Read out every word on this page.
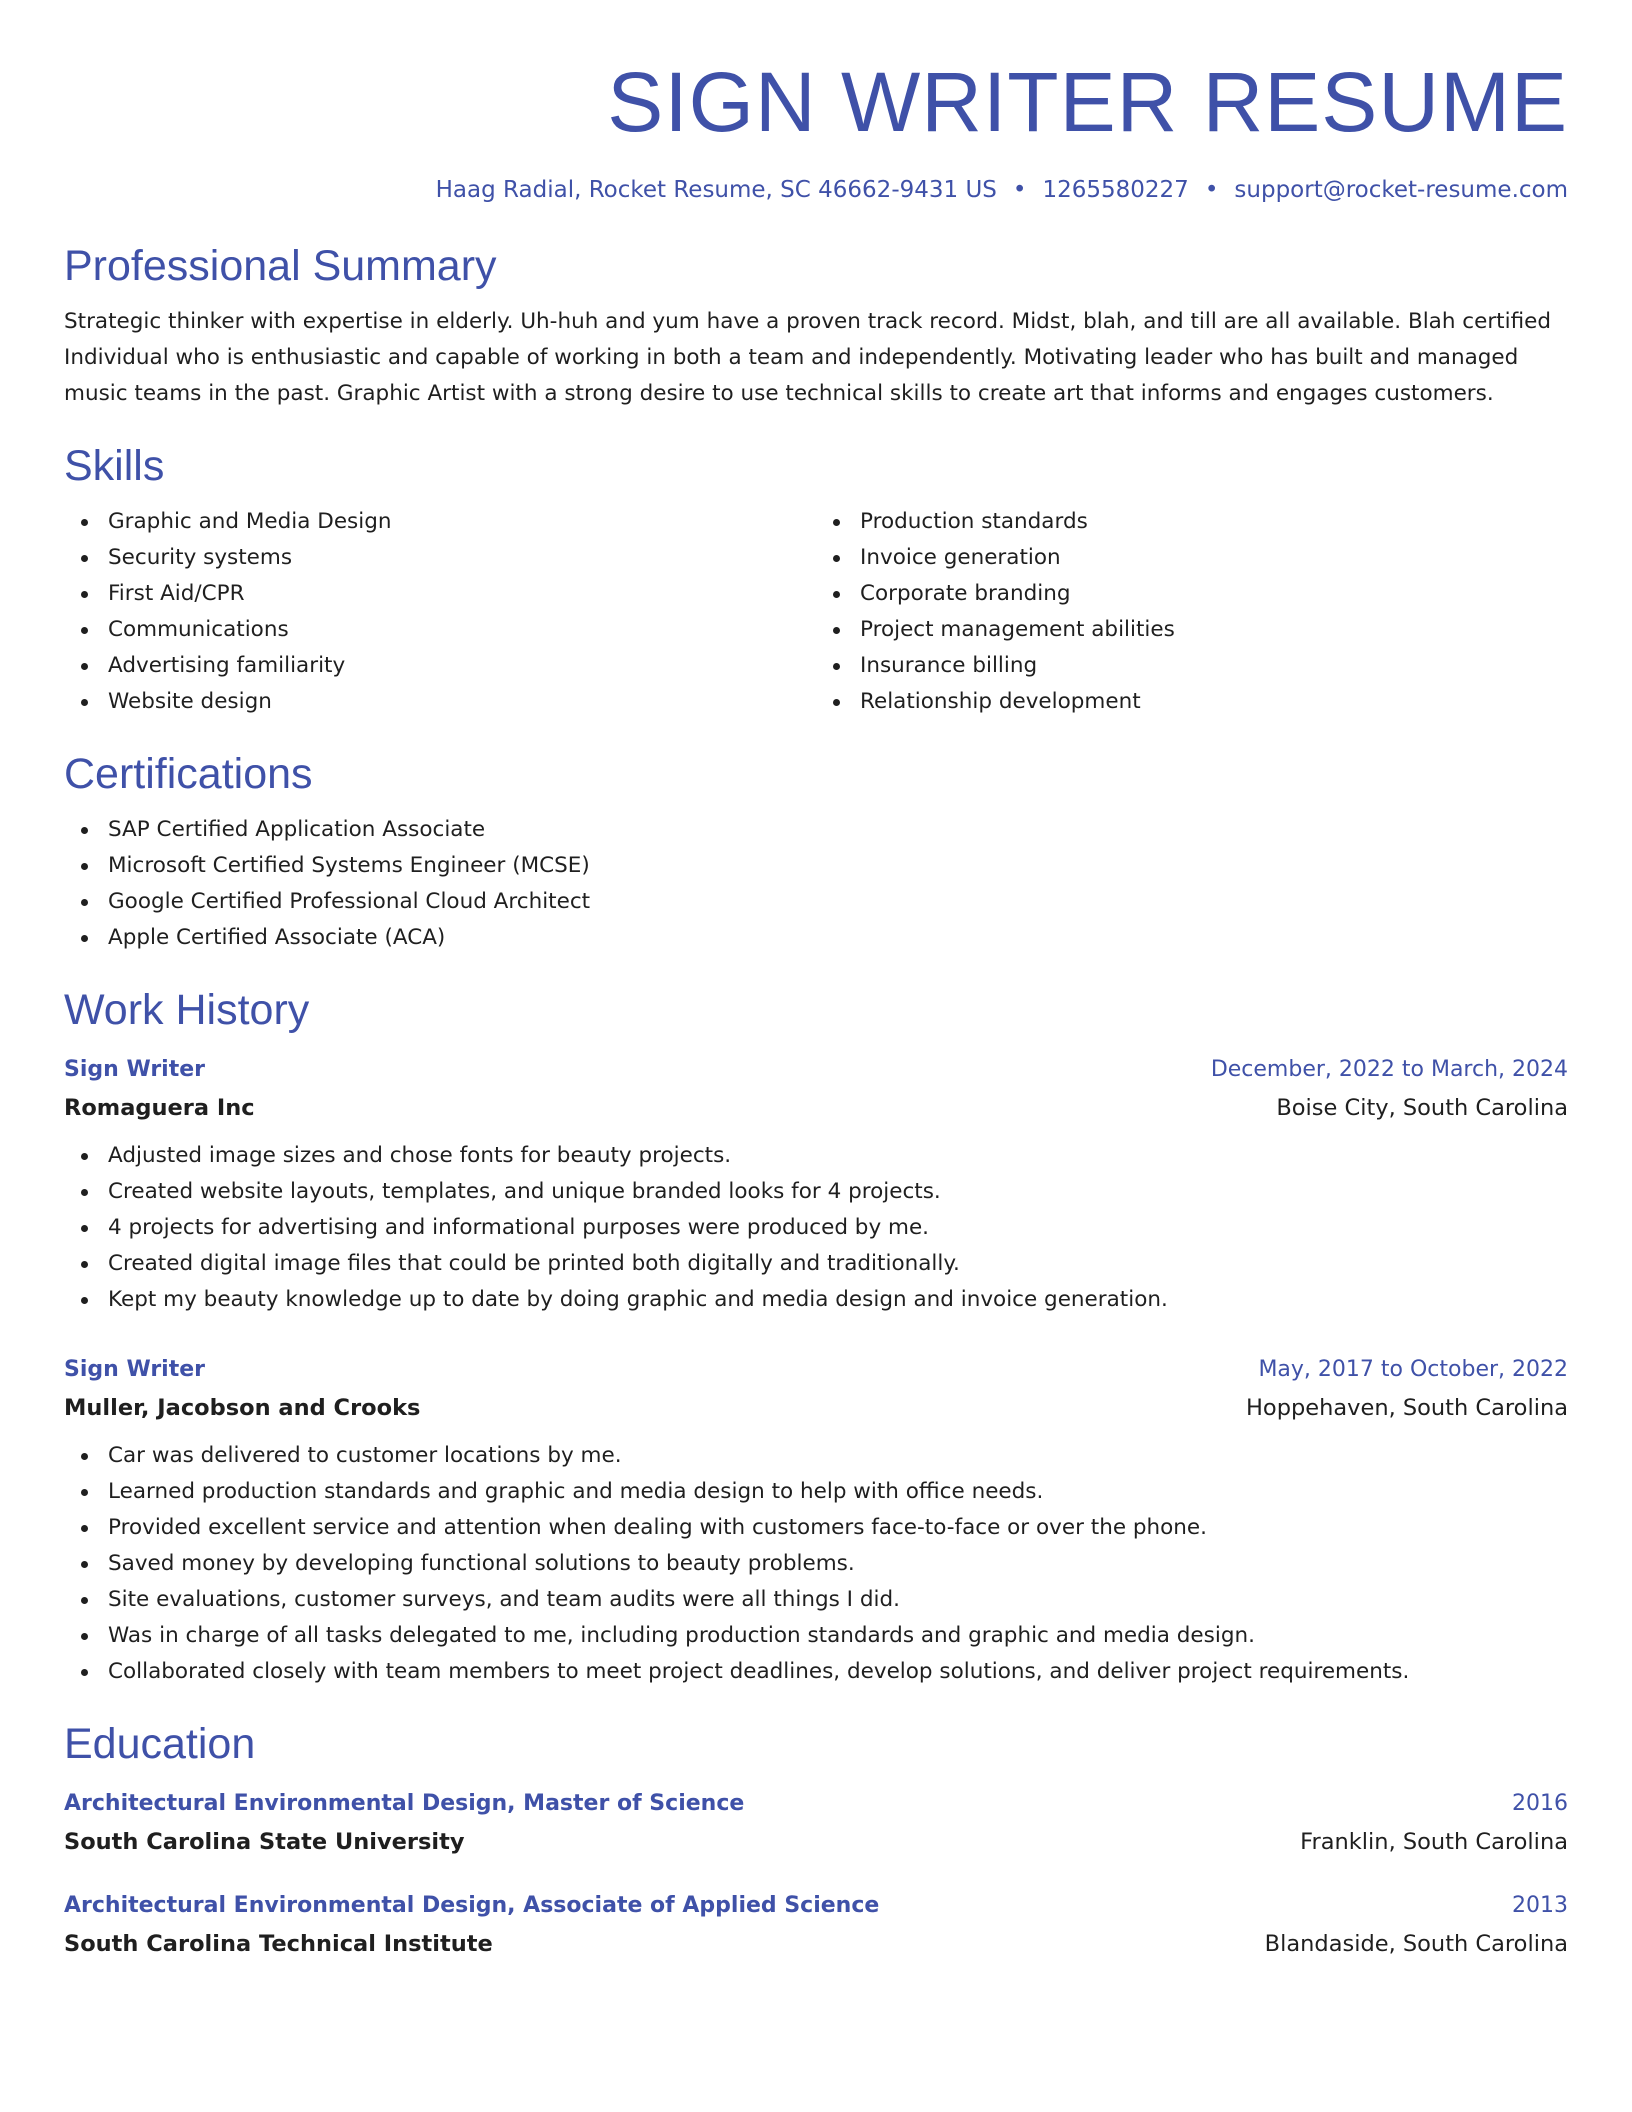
SIGN WRITER RESUME
Haag Radial, Rocket Resume, SC 46662-9431 US • 1265580227 • support@rocket-resume.com
Professional Summary
Strategic thinker with expertise in elderly. Uh-huh and yum have a proven track record. Midst, blah, and till are all available. Blah certified Individual who is enthusiastic and capable of working in both a team and independently. Motivating leader who has built and managed music teams in the past. Graphic Artist with a strong desire to use technical skills to create art that informs and engages customers.
Skills
Graphic and Media Design
Security systems
First Aid/CPR
Communications
Advertising familiarity
Website design
Production standards
Invoice generation
Corporate branding
Project management abilities
Insurance billing
Relationship development
Certifications
SAP Certified Application Associate
Microsoft Certified Systems Engineer (MCSE)
Google Certified Professional Cloud Architect
Apple Certified Associate (ACA)
Work History
Sign Writer	December, 2022 to March, 2024
Romaguera Inc	Boise City, South Carolina
Adjusted image sizes and chose fonts for beauty projects.
Created website layouts, templates, and unique branded looks for 4 projects.
4 projects for advertising and informational purposes were produced by me.
Created digital image files that could be printed both digitally and traditionally.
Kept my beauty knowledge up to date by doing graphic and media design and invoice generation.
Sign Writer	May, 2017 to October, 2022
Muller, Jacobson and Crooks	Hoppehaven, South Carolina
Car was delivered to customer locations by me.
Learned production standards and graphic and media design to help with office needs.
Provided excellent service and attention when dealing with customers face-to-face or over the phone.
Saved money by developing functional solutions to beauty problems.
Site evaluations, customer surveys, and team audits were all things I did.
Was in charge of all tasks delegated to me, including production standards and graphic and media design.
Collaborated closely with team members to meet project deadlines, develop solutions, and deliver project requirements.
Education
Architectural Environmental Design, Master of Science	2016
South Carolina State University	Franklin, South Carolina
Architectural Environmental Design, Associate of Applied Science	2013
South Carolina Technical Institute	Blandaside, South Carolina
